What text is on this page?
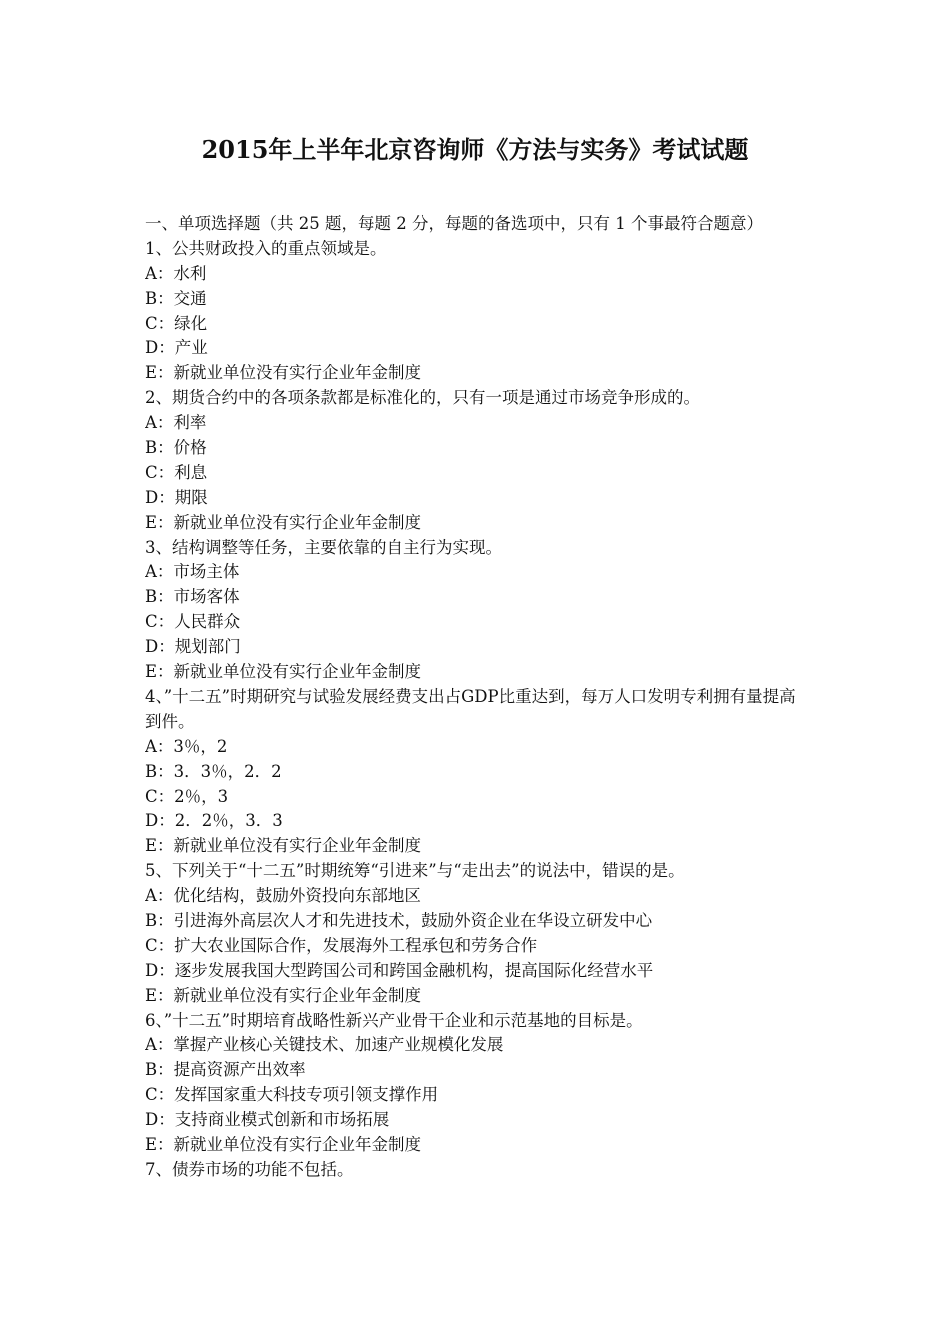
2015年上半年北京咨询师《方法与实务》考试试题
一、单项选择题（共 25 题，每题 2 分，每题的备选项中，只有 1 个事最符合题意）
1、公共财政投入的重点领域是。
A：水利
B：交通
C：绿化
D：产业
E：新就业单位没有实行企业年金制度
2、期货合约中的各项条款都是标准化的，只有一项是通过市场竞争形成的。
A：利率
B：价格
C：利息
D：期限
E：新就业单位没有实行企业年金制度
3、结构调整等任务，主要依靠的自主行为实现。
A：市场主体
B：市场客体
C：人民群众
D：规划部门
E：新就业单位没有实行企业年金制度
4、”十二五”时期研究与试验发展经费支出占GDP比重达到，每万人口发明专利拥有量提高到件。
A：3％，2
B：3．3％，2．2
C：2％，3
D：2．2％，3．3
E：新就业单位没有实行企业年金制度
5、下列关于“十二五”时期统筹“引进来”与“走出去”的说法中，错误的是。
A：优化结构，鼓励外资投向东部地区
B：引进海外高层次人才和先进技术，鼓励外资企业在华设立研发中心
C：扩大农业国际合作，发展海外工程承包和劳务合作
D：逐步发展我国大型跨国公司和跨国金融机构，提高国际化经营水平
E：新就业单位没有实行企业年金制度
6、”十二五”时期培育战略性新兴产业骨干企业和示范基地的目标是。
A：掌握产业核心关键技术、加速产业规模化发展
B：提高资源产出效率
C：发挥国家重大科技专项引领支撑作用
D：支持商业模式创新和市场拓展
E：新就业单位没有实行企业年金制度
7、债券市场的功能不包括。
